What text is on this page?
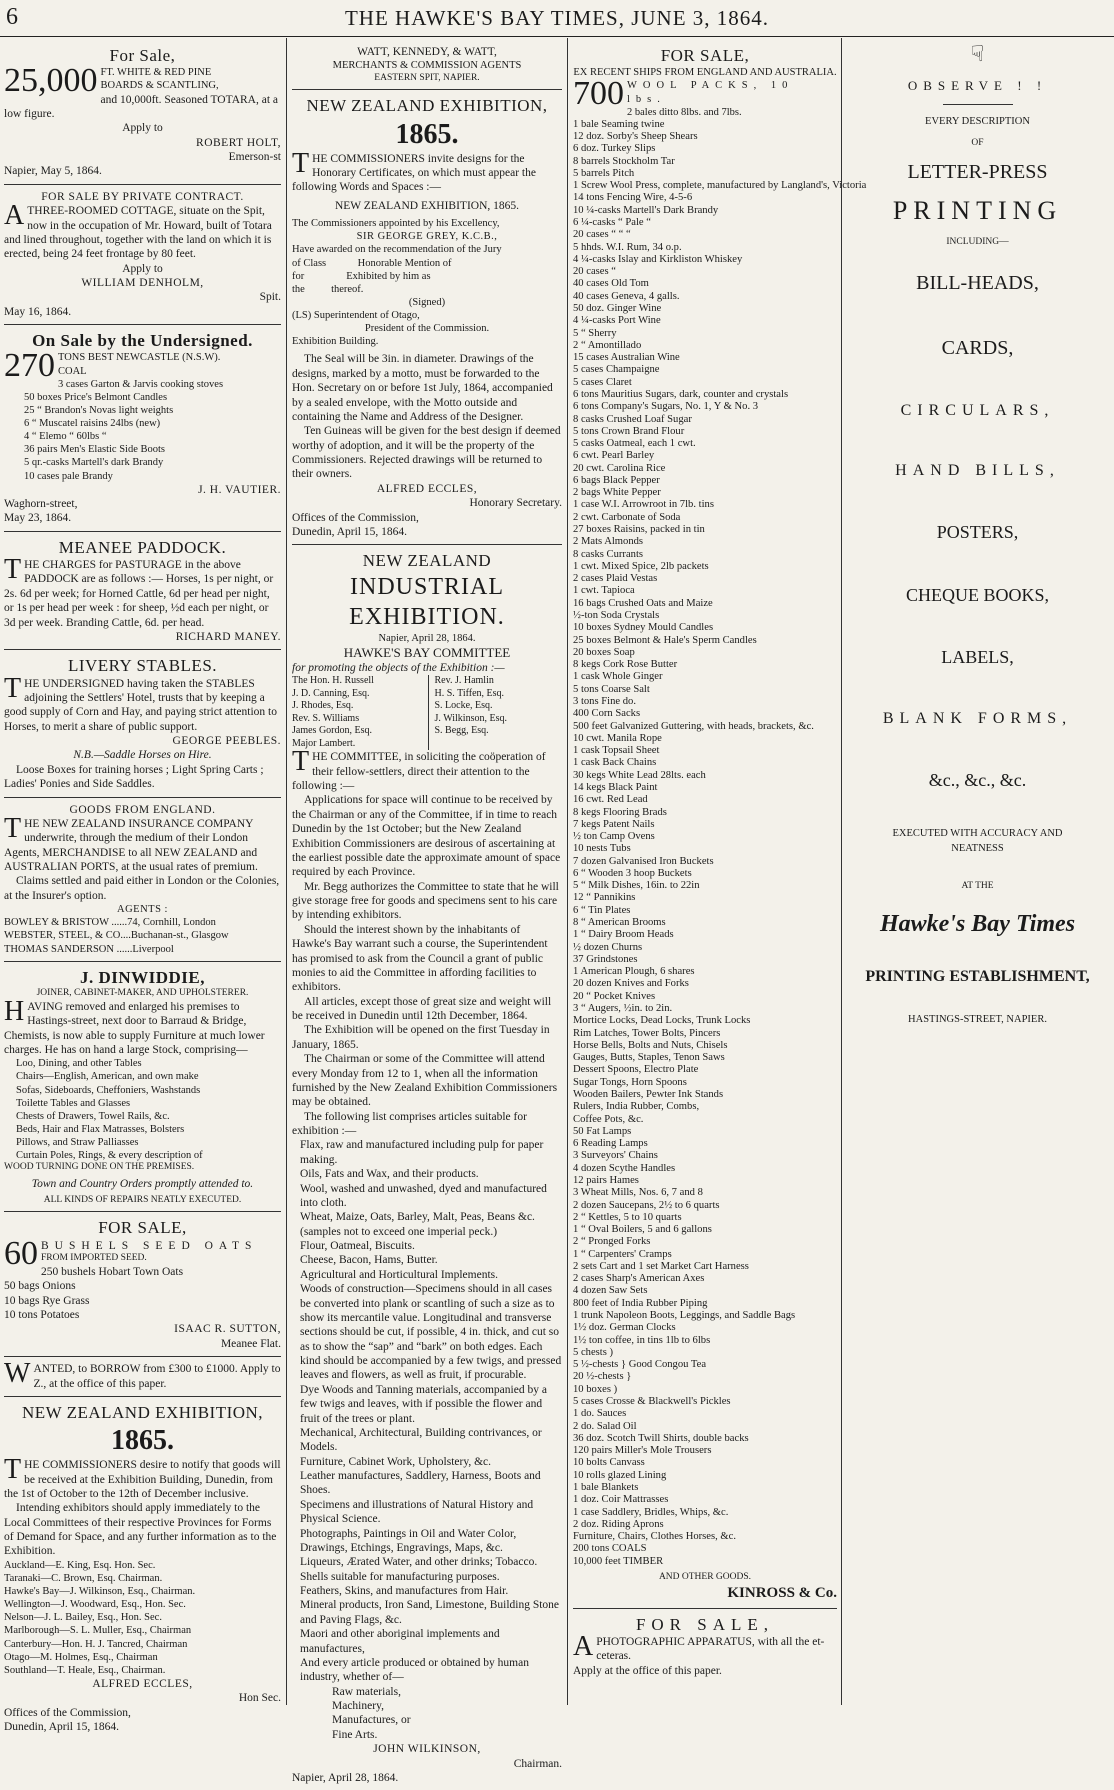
6	THE HAWKE'S BAY TIMES, JUNE 3, 1864.
For Sale,
25,000 FT. WHITE & RED PINE
BOARDS & SCANTLING,
and 10,000ft. Seasoned TOTARA, at a low figure.
Apply to
ROBERT HOLT,
Emerson-st
Napier, May 5, 1864.
FOR SALE BY PRIVATE CONTRACT.
ATHREE-ROOMED COTTAGE, situate on the Spit, now in the occupation of Mr. Howard, built of Totara and lined throughout, together with the land on which it is erected, being 24 feet frontage by 80 feet.
Apply to
WILLIAM DENHOLM,
Spit.
May 16, 1864.
On Sale by the Undersigned.
270 TONS BEST NEWCASTLE (N.S.W).
COAL
3 cases Garton & Jarvis cooking stoves
50 boxes Price's Belmont Candles
25 “ Brandon's Novas light weights
6 “ Muscatel raisins 24lbs (new)
4 “ Elemo “ 60lbs “
36 pairs Men's Elastic Side Boots
5 qr.-casks Martell's dark Brandy
10 cases pale Brandy
J. H. VAUTIER.
Waghorn-street,
May 23, 1864.
MEANEE PADDOCK.
THE CHARGES for PASTURAGE in the above PADDOCK are as follows :— Horses, 1s per night, or 2s. 6d per week; for Horned Cattle, 6d per head per night, or 1s per head per week : for sheep, ½d each per night, or 3d per week. Branding Cattle, 6d. per head.
RICHARD MANEY.
LIVERY STABLES.
THE UNDERSIGNED having taken the STABLES adjoining the Settlers' Hotel, trusts that by keeping a good supply of Corn and Hay, and paying strict attention to Horses, to merit a share of public support.
GEORGE PEEBLES.
N.B.—Saddle Horses on Hire.
Loose Boxes for training horses ; Light Spring Carts ; Ladies' Ponies and Side Saddles.
GOODS FROM ENGLAND.
THE NEW ZEALAND INSURANCE COMPANY underwrite, through the medium of their London Agents, MERCHANDISE to all NEW ZEALAND and AUSTRALIAN PORTS, at the usual rates of premium.
Claims settled and paid either in London or the Colonies, at the Insurer's option.
AGENTS :
BOWLEY & BRISTOW ......74, Cornhill, London
WEBSTER, STEEL, & CO....Buchanan-st., Glasgow
THOMAS SANDERSON ......Liverpool
J. DINWIDDIE,
JOINER, CABINET-MAKER, AND UPHOLSTERER.
HAVING removed and enlarged his premises to Hastings-street, next door to Barraud & Bridge, Chemists, is now able to supply Furniture at much lower charges. He has on hand a large Stock, comprising—
Loo, Dining, and other Tables
Chairs—English, American, and own make
Sofas, Sideboards, Cheffoniers, Washstands
Toilette Tables and Glasses
Chests of Drawers, Towel Rails, &c.
Beds, Hair and Flax Matrasses, Bolsters
Pillows, and Straw Palliasses
Curtain Poles, Rings, & every description of
WOOD TURNING DONE ON THE PREMISES.
Town and Country Orders promptly attended to.
ALL KINDS OF REPAIRS NEATLY EXECUTED.
FOR SALE,
60 BUSHELS SEED OATS
FROM IMPORTED SEED.
250 bushels Hobart Town Oats
50 bags Onions
10 bags Rye Grass
10 tons Potatoes
ISAAC R. SUTTON,
Meanee Flat.
WANTED, to BORROW from £300 to £1000. Apply to Z., at the office of this paper.
NEW ZEALAND EXHIBITION,
1865.
THE COMMISSIONERS desire to notify that goods will be received at the Exhibition Building, Dunedin, from the 1st of October to the 12th of December inclusive.
Intending exhibitors should apply immediately to the Local Committees of their respective Provinces for Forms of Demand for Space, and any further information as to the Exhibition.
Auckland—E. King, Esq. Hon. Sec.
Taranaki—C. Brown, Esq. Chairman.
Hawke's Bay—J. Wilkinson, Esq., Chairman.
Wellington—J. Woodward, Esq., Hon. Sec.
Nelson—J. L. Bailey, Esq., Hon. Sec.
Marlborough—S. L. Muller, Esq., Chairman
Canterbury—Hon. H. J. Tancred, Chairman
Otago—M. Holmes, Esq., Chairman
Southland—T. Heale, Esq., Chairman.
ALFRED ECCLES,
Hon Sec.
Offices of the Commission,
Dunedin, April 15, 1864.
WATT, KENNEDY, & WATT,
MERCHANTS & COMMISSION AGENTS
EASTERN SPIT, NAPIER.
NEW ZEALAND EXHIBITION,
1865.
THE COMMISSIONERS invite designs for the Honorary Certificates, on which must appear the following Words and Spaces :—
NEW ZEALAND EXHIBITION, 1865.
The Commissioners appointed by his Excellency,
SIR GEORGE GREY, K.C.B.,
Have awarded on the recommendation of the Jury
of Class            Honorable Mention of
for                Exhibited by him as
the          thereof.
(Signed)
(LS) Superintendent of Otago,
President of the Commission.
Exhibition Building.
The Seal will be 3in. in diameter. Drawings of the designs, marked by a motto, must be forwarded to the Hon. Secretary on or before 1st July, 1864, accompanied by a sealed envelope, with the Motto outside and containing the Name and Address of the Designer.
Ten Guineas will be given for the best design if deemed worthy of adoption, and it will be the property of the Commissioners. Rejected drawings will be returned to their owners.
ALFRED ECCLES,
Honorary Secretary.
Offices of the Commission,
Dunedin, April 15, 1864.
NEW ZEALAND
INDUSTRIAL EXHIBITION.
Napier, April 28, 1864.
HAWKE'S BAY COMMITTEE
for promoting the objects of the Exhibition :—
The Hon. H. Russell
J. D. Canning, Esq.
J. Rhodes, Esq.
Rev. S. Williams
James Gordon, Esq.
Major Lambert.
Rev. J. Hamlin
H. S. Tiffen, Esq.
S. Locke, Esq.
J. Wilkinson, Esq.
S. Begg, Esq.
THE COMMITTEE, in soliciting the coöperation of their fellow-settlers, direct their attention to the following :—
Applications for space will continue to be received by the Chairman or any of the Committee, if in time to reach Dunedin by the 1st October; but the New Zealand Exhibition Commissioners are desirous of ascertaining at the earliest possible date the approximate amount of space required by each Province.
Mr. Begg authorizes the Committee to state that he will give storage free for goods and specimens sent to his care by intending exhibitors.
Should the interest shown by the inhabitants of Hawke's Bay warrant such a course, the Superintendent has promised to ask from the Council a grant of public monies to aid the Committee in affording facilities to exhibitors.
All articles, except those of great size and weight will be received in Dunedin until 12th December, 1864.
The Exhibition will be opened on the first Tuesday in January, 1865.
The Chairman or some of the Committee will attend every Monday from 12 to 1, when all the information furnished by the New Zealand Exhibition Commissioners may be obtained.
The following list comprises articles suitable for exhibition :—
Flax, raw and manufactured including pulp for paper making.
Oils, Fats and Wax, and their products.
Wool, washed and unwashed, dyed and manufactured into cloth.
Wheat, Maize, Oats, Barley, Malt, Peas, Beans &c. (samples not to exceed one imperial peck.)
Flour, Oatmeal, Biscuits.
Cheese, Bacon, Hams, Butter.
Agricultural and Horticultural Implements.
Woods of construction—Specimens should in all cases be converted into plank or scantling of such a size as to show its mercantile value. Longitudinal and transverse sections should be cut, if possible, 4 in. thick, and cut so as to show the “sap” and “bark” on both edges. Each kind should be accompanied by a few twigs, and pressed leaves and flowers, as well as fruit, if procurable.
Dye Woods and Tanning materials, accompanied by a few twigs and leaves, with if possible the flower and fruit of the trees or plant.
Mechanical, Architectural, Building contrivances, or Models.
Furniture, Cabinet Work, Upholstery, &c.
Leather manufactures, Saddlery, Harness, Boots and Shoes.
Specimens and illustrations of Natural History and Physical Science.
Photographs, Paintings in Oil and Water Color, Drawings, Etchings, Engravings, Maps, &c.
Liqueurs, Ærated Water, and other drinks; Tobacco.
Shells suitable for manufacturing purposes.
Feathers, Skins, and manufactures from Hair.
Mineral products, Iron Sand, Limestone, Building Stone and Paving Flags, &c.
Maori and other aboriginal implements and manufactures,
And every article produced or obtained by human industry, whether of—
Raw materials,
Machinery,
Manufactures, or
Fine Arts.
JOHN WILKINSON,
Chairman.
Napier, April 28, 1864.
FOR SALE,
EX RECENT SHIPS FROM ENGLAND AND AUSTRALIA.
700 WOOL PACKS, 10 lbs.
2 bales ditto 8lbs. and 7lbs.
1 bale Seaming twine
12 doz. Sorby's Sheep Shears
6 doz. Turkey Slips
8 barrels Stockholm Tar
5 barrels Pitch
1 Screw Wool Press, complete, manufactured by Langland's, Victoria
14 tons Fencing Wire, 4-5-6
10 ¼-casks Martell's Dark Brandy
6 ¼-casks “ Pale “
20 cases “ “ “
5 hhds. W.I. Rum, 34 o.p.
4 ¼-casks Islay and Kirkliston Whiskey
20 cases “
40 cases Old Tom
40 cases Geneva, 4 galls.
50 doz. Ginger Wine
4 ¼-casks Port Wine
5 “ Sherry
2 “ Amontillado
15 cases Australian Wine
5 cases Champaigne
5 cases Claret
6 tons Mauritius Sugars, dark, counter and crystals
6 tons Company's Sugars, No. 1, Y & No. 3
8 casks Crushed Loaf Sugar
5 tons Crown Brand Flour
5 casks Oatmeal, each 1 cwt.
6 cwt. Pearl Barley
20 cwt. Carolina Rice
6 bags Black Pepper
2 bags White Pepper
1 case W.I. Arrowroot in 7lb. tins
2 cwt. Carbonate of Soda
27 boxes Raisins, packed in tin
2 Mats Almonds
8 casks Currants
1 cwt. Mixed Spice, 2lb packets
2 cases Plaid Vestas
1 cwt. Tapioca
16 bags Crushed Oats and Maize
½-ton Soda Crystals
10 boxes Sydney Mould Candles
25 boxes Belmont & Hale's Sperm Candles
20 boxes Soap
8 kegs Cork Rose Butter
1 cask Whole Ginger
5 tons Coarse Salt
3 tons Fine do.
400 Corn Sacks
500 feet Galvanized Guttering, with heads, brackets, &c.
10 cwt. Manila Rope
1 cask Topsail Sheet
1 cask Back Chains
30 kegs White Lead 28lts. each
14 kegs Black Paint
16 cwt. Red Lead
8 kegs Flooring Brads
7 kegs Patent Nails
½ ton Camp Ovens
10 nests Tubs
7 dozen Galvanised Iron Buckets
6 “ Wooden 3 hoop Buckets
5 “ Milk Dishes, 16in. to 22in
12 “ Pannikins
6 “ Tin Plates
8 “ American Brooms
1 “ Dairy Broom Heads
½ dozen Churns
37 Grindstones
1 American Plough, 6 shares
20 dozen Knives and Forks
20 “ Pocket Knives
3 “ Augers, ½in. to 2in.
Mortice Locks, Dead Locks, Trunk Locks
Rim Latches, Tower Bolts, Pincers
Horse Bells, Bolts and Nuts, Chisels
Gauges, Butts, Staples, Tenon Saws
Dessert Spoons, Electro Plate
Sugar Tongs, Horn Spoons
Wooden Bailers, Pewter Ink Stands
Rulers, India Rubber, Combs,
Coffee Pots, &c.
50 Fat Lamps
6 Reading Lamps
3 Surveyors' Chains
4 dozen Scythe Handles
12 pairs Hames
3 Wheat Mills, Nos. 6, 7 and 8
2 dozen Saucepans, 2½ to 6 quarts
2 “ Kettles, 5 to 10 quarts
1 “ Oval Boilers, 5 and 6 gallons
2 “ Pronged Forks
1 “ Carpenters' Cramps
2 sets Cart and 1 set Market Cart Harness
2 cases Sharp's American Axes
4 dozen Saw Sets
800 feet of India Rubber Piping
1 trunk Napoleon Boots, Leggings, and Saddle Bags
1½ doz. German Clocks
1½ ton coffee, in tins 1lb to 6lbs
5 chests )
5 ½-chests } Good Congou Tea
20 ½-chests }
10 boxes )
5 cases Crosse & Blackwell's Pickles
1 do. Sauces
2 do. Salad Oil
36 doz. Scotch Twill Shirts, double backs
120 pairs Miller's Mole Trousers
10 bolts Canvass
10 rolls glazed Lining
1 bale Blankets
1 doz. Coir Mattrasses
1 case Saddlery, Bridles, Whips, &c.
2 doz. Riding Aprons
Furniture, Chairs, Clothes Horses, &c.
200 tons COALS
10,000 feet TIMBER
AND OTHER GOODS.
KINROSS & Co.
FOR SALE,
APHOTOGRAPHIC APPARATUS, with all the et-ceteras.
Apply at the office of this paper.
☟
OBSERVE ! !
EVERY DESCRIPTION
OF
LETTER-PRESS
PRINTING
INCLUDING—
BILL-HEADS,
CARDS,
CIRCULARS,
HAND BILLS,
POSTERS,
CHEQUE BOOKS,
LABELS,
BLANK FORMS,
&c., &c., &c.
EXECUTED WITH ACCURACY AND
NEATNESS
AT THE
Hawke's Bay Times
PRINTING ESTABLISHMENT,
HASTINGS-STREET, NAPIER.
